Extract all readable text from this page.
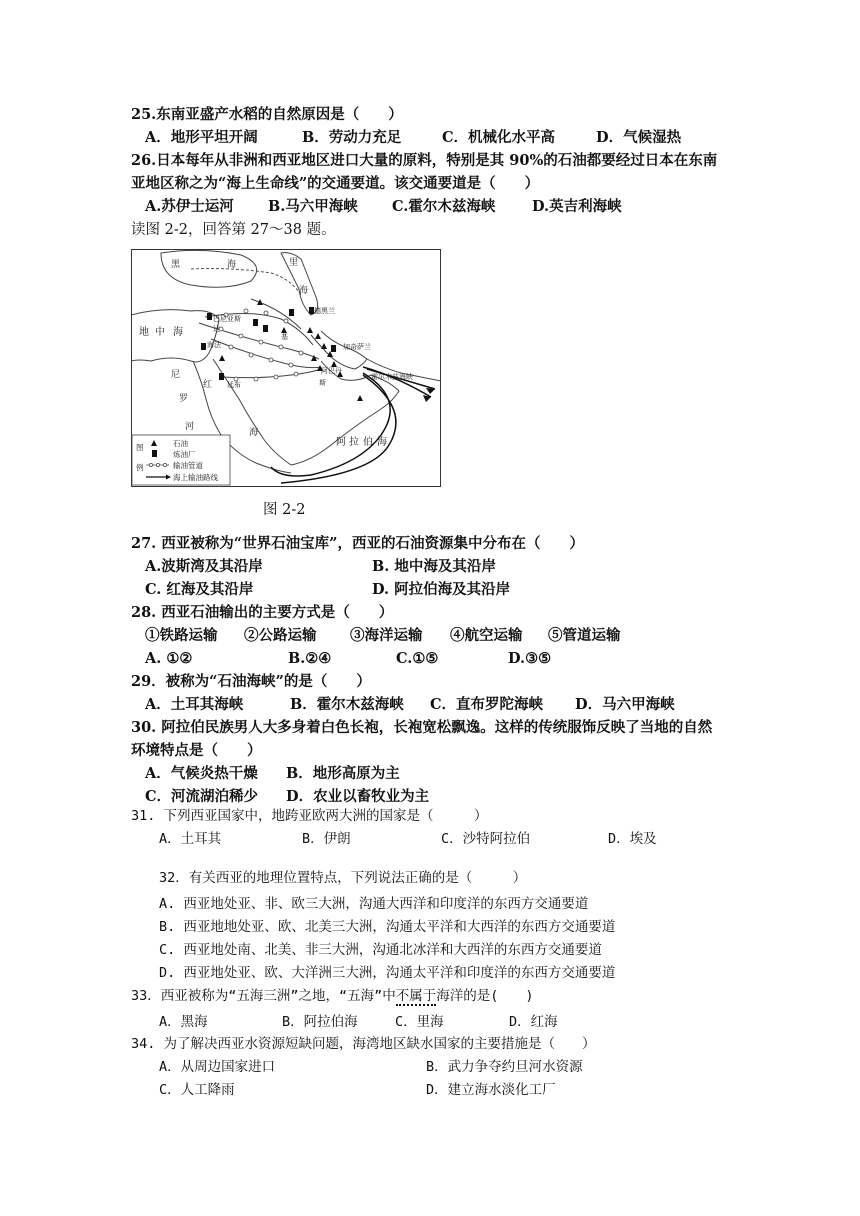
25.东南亚盛产水稻的自然原因是（　　）
A．地形平坦开阔	B．劳动力充足	C．机械化水平高	D．气候湿热
26.日本每年从非洲和西亚地区进口大量的原料，特别是其 90%的石油都要经过日本在东南
亚地区称之为“海上生命线”的交通要道。该交通要道是（　　）
A.苏伊士运河 B.马六甲海峡 C.霍尔木兹海峡	D.英吉利海峡
读图 2-2，回答第 27～38 题。
黑	海	里
海
地 中 海
尼
罗
河
红
海
阿 拉 伯 海
德黑兰
巴尼亚斯
达
海法
基
加奇萨兰
霍尔木兹海峡
延布
阿巴丹
斯
图
例
石油
炼油厂
输油管道
海上输油路线
图 2-2
27. 西亚被称为“世界石油宝库”，西亚的石油资源集中分布在（　　）
A.波斯湾及其沿岸	B. 地中海及其沿岸
C. 红海及其沿岸	D. 阿拉伯海及其沿岸
28. 西亚石油输出的主要方式是（　　）
①铁路运输 ②公路运输 ③海洋运输 ④航空运输 ⑤管道运输
A. ①②	B.②④	C.①⑤	D.③⑤
29．被称为“石油海峡”的是（　　）
A．土耳其海峡	B．霍尔木兹海峡 C．直布罗陀海峡 D．马六甲海峡
30. 阿拉伯民族男人大多身着白色长袍，长袍宽松飘逸。这样的传统服饰反映了当地的自然
环境特点是（　　）
A．气候炎热干燥 B．地形高原为主
C．河流湖泊稀少 D．农业以畜牧业为主
31. 下列西亚国家中，地跨亚欧两大洲的国家是（　　　）
A．土耳其	B．伊朗	C．沙特阿拉伯	D．埃及
32．有关西亚的地理位置特点，下列说法正确的是（　　　）
A. 西亚地处亚、非、欧三大洲，沟通大西洋和印度洋的东西方交通要道
B. 西亚地地处亚、欧、北美三大洲，沟通太平洋和大西洋的东西方交通要道
C. 西亚地处南、北美、非三大洲，沟通北冰洋和大西洋的东西方交通要道
D. 西亚地处亚、欧、大洋洲三大洲，沟通太平洋和印度洋的东西方交通要道
33．西亚被称为“五海三洲”之地，“五海”中不属于海洋的是(　　)
A．黑海	B．阿拉伯海	C．里海	D．红海
34. 为了解决西亚水资源短缺问题，海湾地区缺水国家的主要措施是（　　）
A．从周边国家进口	B．武力争夺约旦河水资源
C．人工降雨	D．建立海水淡化工厂
